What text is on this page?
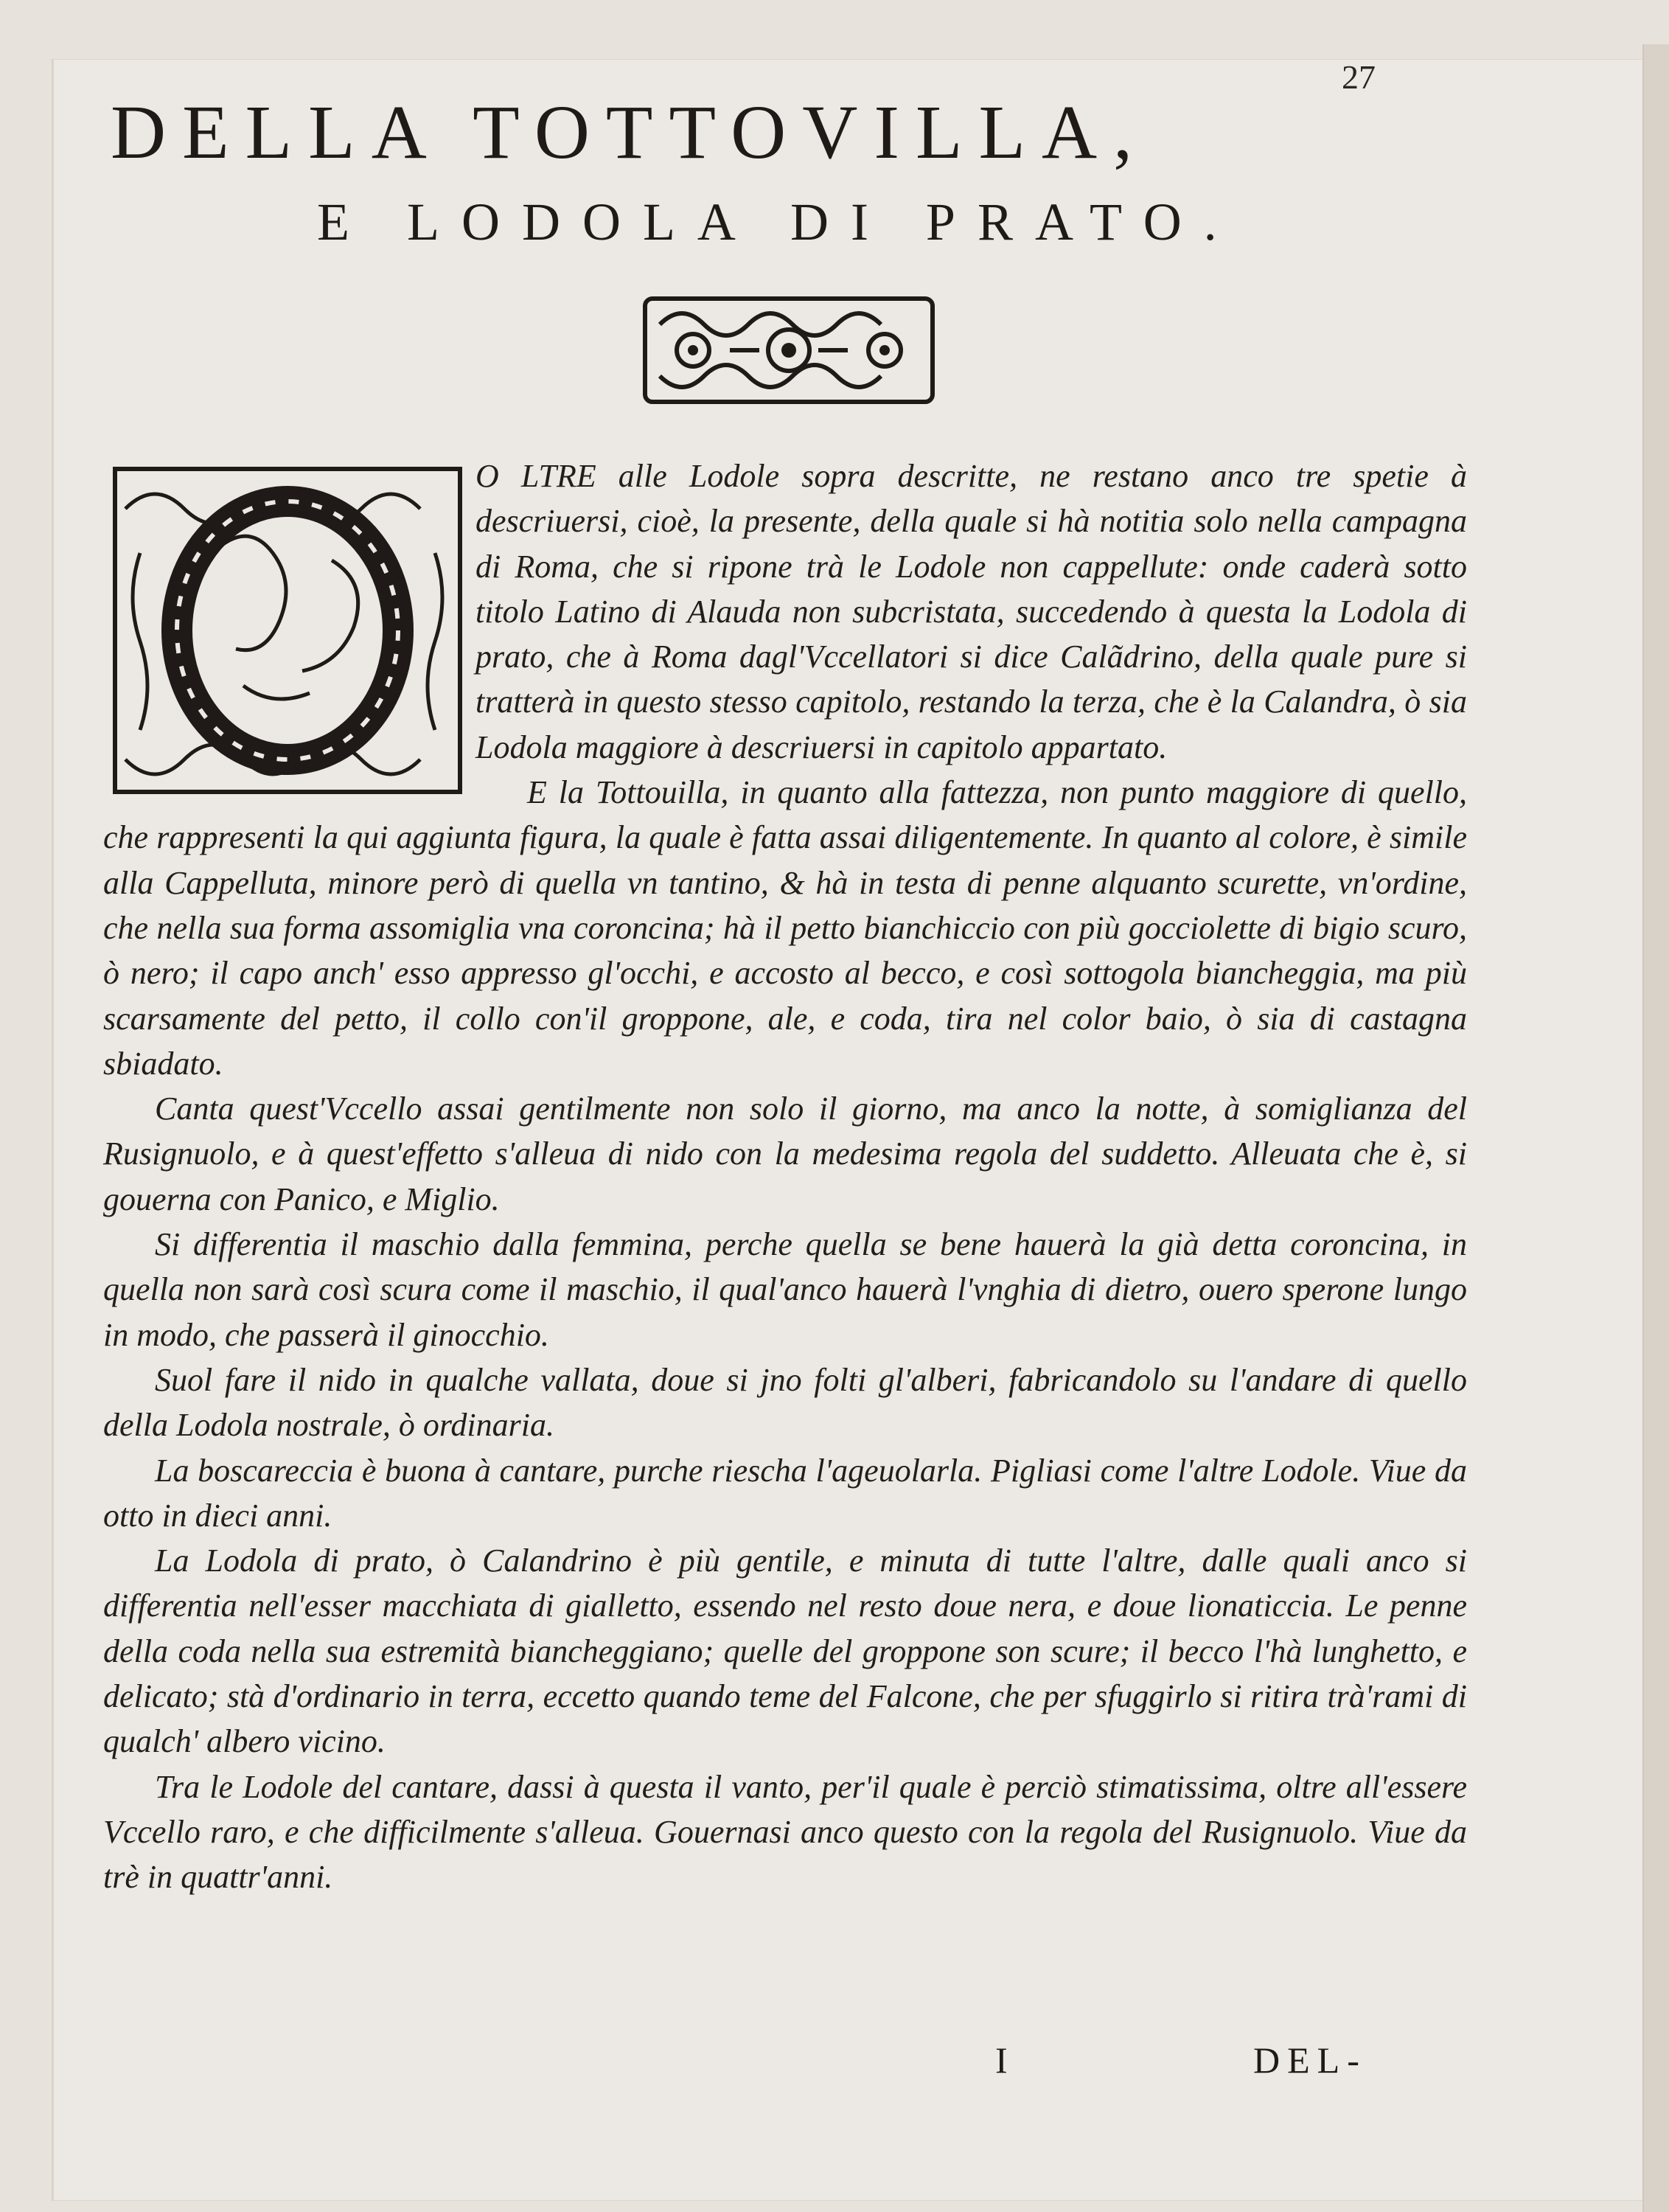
27
DELLA TOTTOVILLA,
E LODOLA DI PRATO.

O LTRE alle Lodole sopra descritte, ne restano anco tre spetie à descriuersi, cioè, la presente, della quale si hà notitia solo nella campagna di Roma, che si ripone trà le Lodole non cappellute: onde caderà sotto titolo Latino di Alauda non subcristata, succedendo à questa la Lodola di prato, che à Roma dagl'Vccellatori si dice Calãdrino, della quale pure si tratterà in questo stesso capitolo, restando la terza, che è la Calandra, ò sia Lodola maggiore à descriuersi in capitolo appartato.

E la Tottouilla, in quanto alla fattezza, non punto maggiore di quello, che rappresenti la qui aggiunta figura, la quale è fatta assai diligentemente. In quanto al colore, è simile alla Cappelluta, minore però di quella vn tantino, & hà in testa di penne alquanto scurette, vn'ordine, che nella sua forma assomiglia vna coroncina; hà il petto bianchiccio con più gocciolette di bigio scuro, ò nero; il capo anch' esso appresso gl'occhi, e accosto al becco, e così sottogola biancheggia, ma più scarsamente del petto, il collo con'il groppone, ale, e coda, tira nel color baio, ò sia di castagna sbiadato.

Canta quest'Vccello assai gentilmente non solo il giorno, ma anco la notte, à somiglianza del Rusignuolo, e à quest'effetto s'alleua di nido con la medesima regola del suddetto. Alleuata che è, si gouerna con Panico, e Miglio.

Si differentia il maschio dalla femmina, perche quella se bene hauerà la già detta coroncina, in quella non sarà così scura come il maschio, il qual'anco hauerà l'vnghia di dietro, ouero sperone lungo in modo, che passerà il ginocchio.

Suol fare il nido in qualche vallata, doue si jno folti gl'alberi, fabricandolo su l'andare di quello della Lodola nostrale, ò ordinaria.

La boscareccia è buona à cantare, purche riescha l'ageuolarla. Pigliasi come l'altre Lodole. Viue da otto in dieci anni.

La Lodola di prato, ò Calandrino è più gentile, e minuta di tutte l'altre, dalle quali anco si differentia nell'esser macchiata di gialletto, essendo nel resto doue nera, e doue lionaticcia. Le penne della coda nella sua estremità biancheggiano; quelle del groppone son scure; il becco l'hà lunghetto, e delicato; stà d'ordinario in terra, eccetto quando teme del Falcone, che per sfuggirlo si ritira trà'rami di qualch' albero vicino.

Tra le Lodole del cantare, dassi à questa il vanto, per'il quale è perciò stimatissima, oltre all'essere Vccello raro, e che difficilmente s'alleua. Gouernasi anco questo con la regola del Rusignuolo. Viue da trè in quattr'anni.

I	DEL-
